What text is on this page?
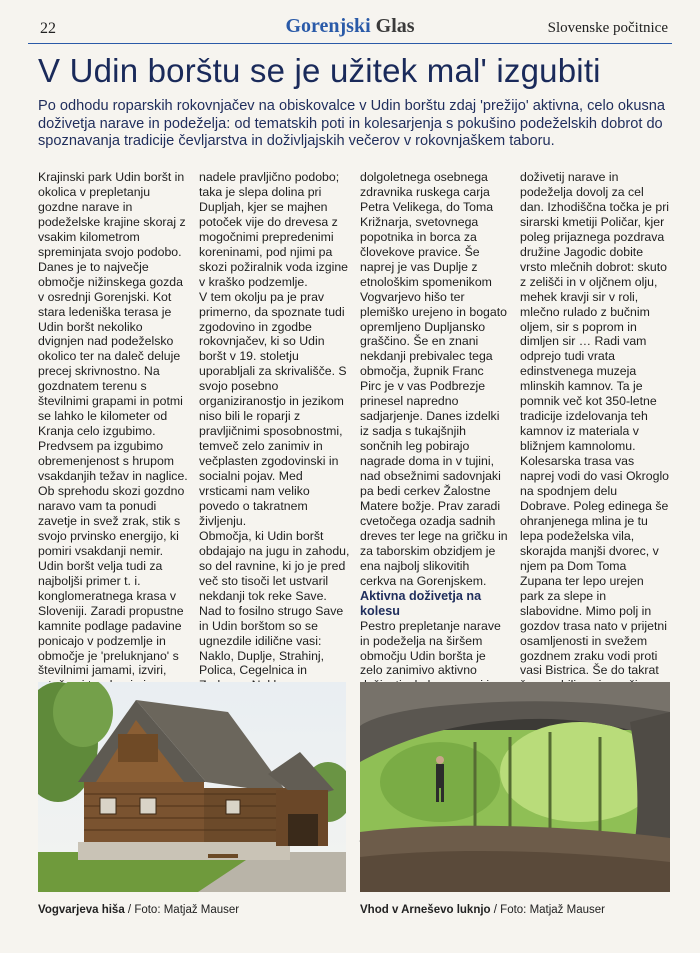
22	Gorenjski Glas	Slovenske počitnice
V Udin borštu se je užitek mal' izgubiti

Po odhodu roparskih rokovnjačev na obiskovalce v Udin borštu zdaj 'prežijo' aktivna, celo okusna doživetja narave in podeželja: od tematskih poti in kolesarjenja s pokušino podeželskih dobrot do spoznavanja tradicije čevljarstva in doživljajskih večerov v rokovnjaškem taboru.

Krajinski park Udin boršt in okolica v prepletanju gozdne narave in podeželske krajine skoraj z vsakim kilometrom spreminjata svojo podobo. Danes je to največje območje nižinskega gozda v osrednji Gorenjski. Kot stara ledeniška terasa je Udin boršt nekoliko dvignjen nad podeželsko okolico ter na daleč deluje precej skrivnostno. Na gozdnatem terenu s številnimi grapami in potmi se lahko le kilometer od Kranja celo izgubimo. Predvsem pa izgubimo obremenjenost s hrupom vsakdanjih težav in naglice. Ob sprehodu skozi gozdno naravo vam ta ponudi zavetje in svež zrak, stik s svojo prvinsko energijo, ki pomiri vsakdanji nemir.

Udin boršt velja tudi za najboljši primer t. i. konglomeratnega krasa v Sloveniji. Zaradi propustne kamnite podlage padavine ponicajo v podzemlje in območje je 'preluknjano' s številnimi jamami, izviri,

nadele pravljično podobo; taka je slepa dolina pri Dupljah, kjer se majhen potoček vije do drevesa z mogočnimi prepredenimi koreninami, pod njimi pa skozi požiralnik voda izgine v kraško podzemlje.

V tem okolju pa je prav primerno, da spoznate tudi zgodovino in zgodbe rokovnjačev, ki so Udin boršt v 19. stoletju uporabljali za skrivališče. S svojo posebno organiziranostjo in jezikom niso bili le roparji z pravljičnimi sposobnostmi, temveč zelo zanimiv in večplasten zgodovinski in socialni pojav. Med vrsticami nam veliko povedo o takratnem življenju.

Območja, ki Udin boršt obdajajo na jugu in zahodu, so del ravnine, ki jo je pred več sto tisoči let ustvaril nekdanji tok reke Save. Nad to fosilno strugo Save in Udin borštom so se ugnezdile idilične vasi: Naklo, Duplje, Strahinj, Polica, Cegelnica in

dolgoletnega osebnega zdravnika ruskega carja Petra Velikega, do Toma Križnarja, svetovnega popotnika in borca za človekove pravice. Še naprej je vas Duplje z etnološkim spomenikom Vogvarjevo hišo ter plemiško urejeno in bogato opremljeno Dupljansko graščino. Še en znani nekdanji prebivalec tega območja, župnik Franc Pirc je v vas Podbrezje prinesel napredno sadjarjenje. Danes izdelki iz sadja s tukajšnjih sončnih leg pobirajo nagrade doma in v tujini, nad obsežnimi sadovnjaki pa bedi cerkev Žalostne Matere božje. Prav zaradi cvetočega ozadja sadnih dreves ter lege na gričku in za taborskim obzidjem je ena najbolj slikovitih cerkva na Gorenjskem.

Aktivna doživetja na kolesu

Pestro prepletanje narave in podeželja na širšem območju Udin boršta je zelo zanimivo aktivno

doživetij narave in podeželja dovolj za cel dan. Izhodiščna točka je pri sirarski kmetiji Poličar, kjer poleg prijaznega pozdrava družine Jagodic dobite vrsto mlečnih dobrot: skuto z zelišči in v oljčnem olju, mehek kravji sir v roli, mlečno rulado z bučnim oljem, sir s poprom in dimljen sir … Radi vam odprejo tudi vrata edinstvenega muzeja mlinskih kamnov. Ta je pomnik več kot 350-letne tradicije izdelovanja teh kamnov iz materiala v bližnjem kamnolomu. Kolesarska trasa vas naprej vodi do vasi Okroglo na spodnjem delu Dobrave. Poleg edinega še ohranjenega mlina je tu lepa podeželska vila, skorajda manjši dvorec, v njem pa Dom Toma Zupana ter lepo urejen park za slepe in slabovidne. Mimo polj in gozdov trasa nato v prijetni osamljenosti in svežem gozdnem zraku vodi proti vasi Bistrica. Še do takrat

Vogvarjeva hiša / Foto: Matjaž Mauser	Vhod v Arneševo luknjo / Foto: Matjaž Mauser
